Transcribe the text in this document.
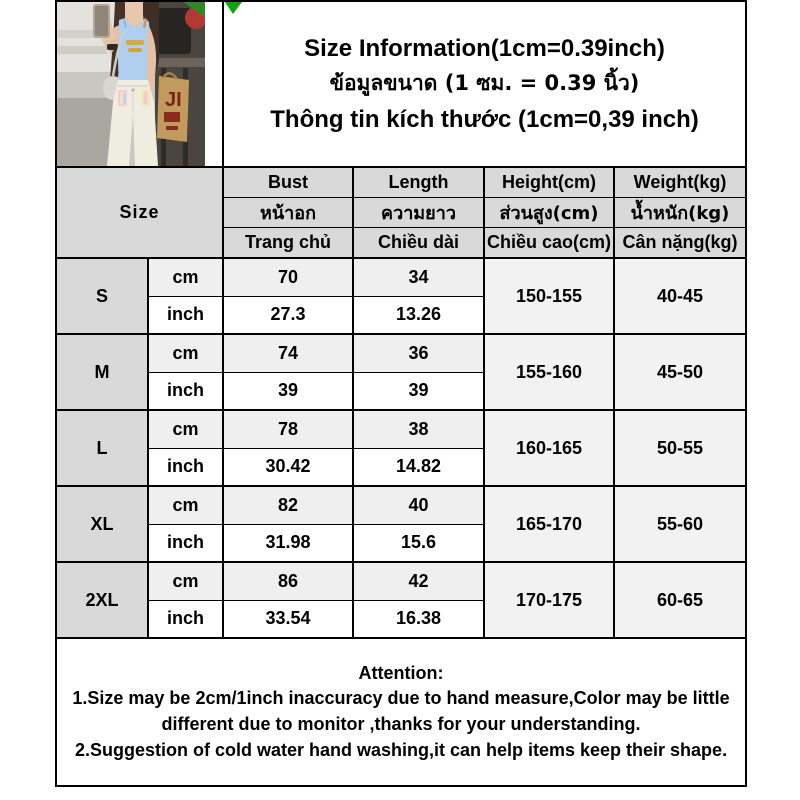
JI		Size Information(1cm=0.39inch)
ข้อมูลขนาด (1 ซม. = 0.39 นิ้ว)
Thông tin kích thước (1cm=0,39 inch)			

Size		Bust	Length	Height(cm)	Weight(kg)
		หน้าอก	ความยาว	ส่วนสูง(cm)	น้ำหนัก(kg)
		Trang chủ	Chiều dài	Chiều cao(cm)	Cân nặng(kg)
S	cm	70	34	150-155	40-45
	inch	27.3	13.26		
M	cm	74	36	155-160	45-50
	inch	39	39		
L	cm	78	38	160-165	50-55
	inch	30.42	14.82		
XL	cm	82	40	165-170	55-60
	inch	31.98	15.6		
2XL	cm	86	42	170-175	60-65
	inch	33.54	16.38		

Attention:
1.Size may be 2cm/1inch inaccuracy due to hand measure,Color may be little different due to monitor ,thanks for your understanding.
2.Suggestion of cold water hand washing,it can help items keep their shape.					
